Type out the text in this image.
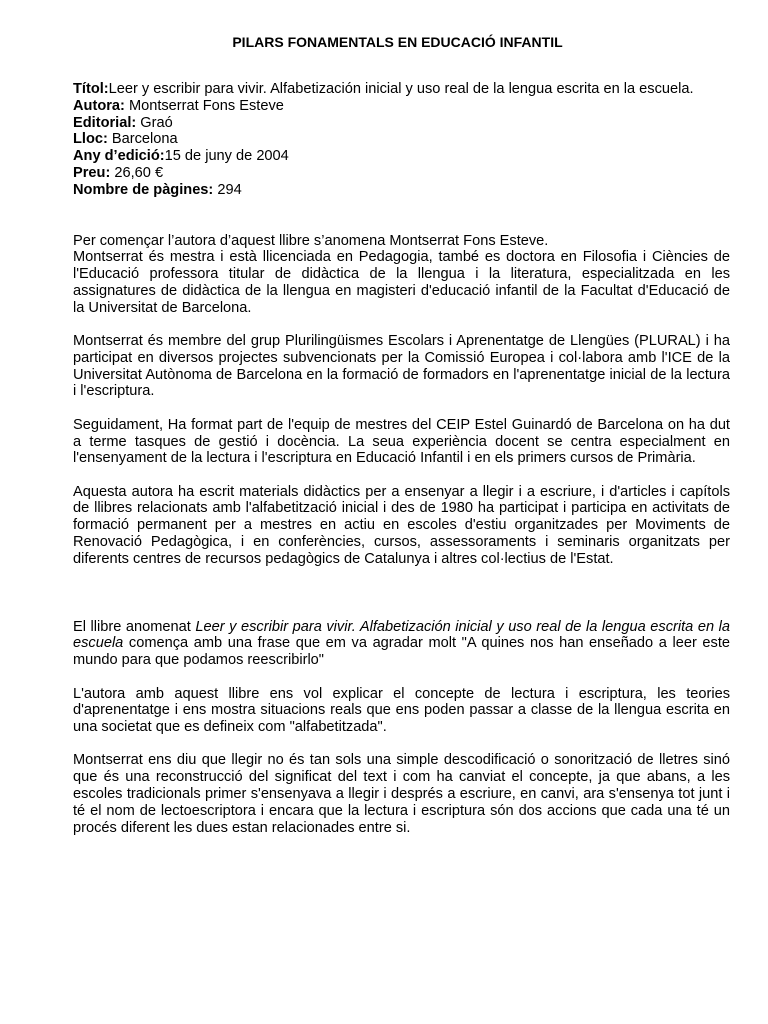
PILARS FONAMENTALS EN EDUCACIÓ INFANTIL
Títol:Leer y escribir para vivir. Alfabetización inicial y uso real de la lengua escrita en la escuela.
Autora: Montserrat Fons Esteve
Editorial: Graó
Lloc: Barcelona
Any d’edició:15 de juny de 2004
Preu: 26,60 €
Nombre de pàgines: 294

Per començar l’autora d’aquest llibre s’anomena Montserrat Fons Esteve.

Montserrat és mestra i està llicenciada en Pedagogia, també es doctora en Filosofia i Ciències de l'Educació professora titular de didàctica de la llengua i la literatura, especialitzada en les assignatures de didàctica de la llengua en magisteri d'educació infantil de la Facultat d'Educació de la Universitat de Barcelona.

Montserrat és membre del grup Plurilingüismes Escolars i Aprenentatge de Llengües (PLURAL) i ha participat en diversos projectes subvencionats per la Comissió Europea i col·labora amb l'ICE de la Universitat Autònoma de Barcelona en la formació de formadors en l'aprenentatge inicial de la lectura i l'escriptura.

Seguidament, Ha format part de l'equip de mestres del CEIP Estel Guinardó de Barcelona on ha dut a terme tasques de gestió i docència. La seua experiència docent se centra especialment en l'ensenyament de la lectura i l'escriptura en Educació Infantil i en els primers cursos de Primària.

Aquesta autora ha escrit materials didàctics per a ensenyar a llegir i a escriure, i d'articles i capítols de llibres relacionats amb l'alfabetització inicial i des de 1980 ha participat i participa en activitats de formació permanent per a mestres en actiu en escoles d'estiu organitzades per Moviments de Renovació Pedagògica, i en conferències, cursos, assessoraments i seminaris organitzats per diferents centres de recursos pedagògics de Catalunya i altres col·lectius de l'Estat.

El llibre anomenat Leer y escribir para vivir. Alfabetización inicial y uso real de la lengua escrita en la escuela comença amb una frase que em va agradar molt "A quines nos han enseñado a leer este mundo para que podamos reescribirlo"

L'autora amb aquest llibre ens vol explicar el concepte de lectura i escriptura, les teories d'aprenentatge i ens mostra situacions reals que ens poden passar a classe de la llengua escrita en una societat que es defineix com "alfabetitzada".

Montserrat ens diu que llegir no és tan sols una simple descodificació o sonorització de lletres sinó que és una reconstrucció del significat del text i com ha canviat el concepte, ja que abans, a les escoles tradicionals primer s'ensenyava a llegir i després a escriure, en canvi, ara s'ensenya tot junt i té el nom de lectoescriptora i encara que la lectura i escriptura són dos accions que cada una té un procés diferent les dues estan relacionades entre si.
